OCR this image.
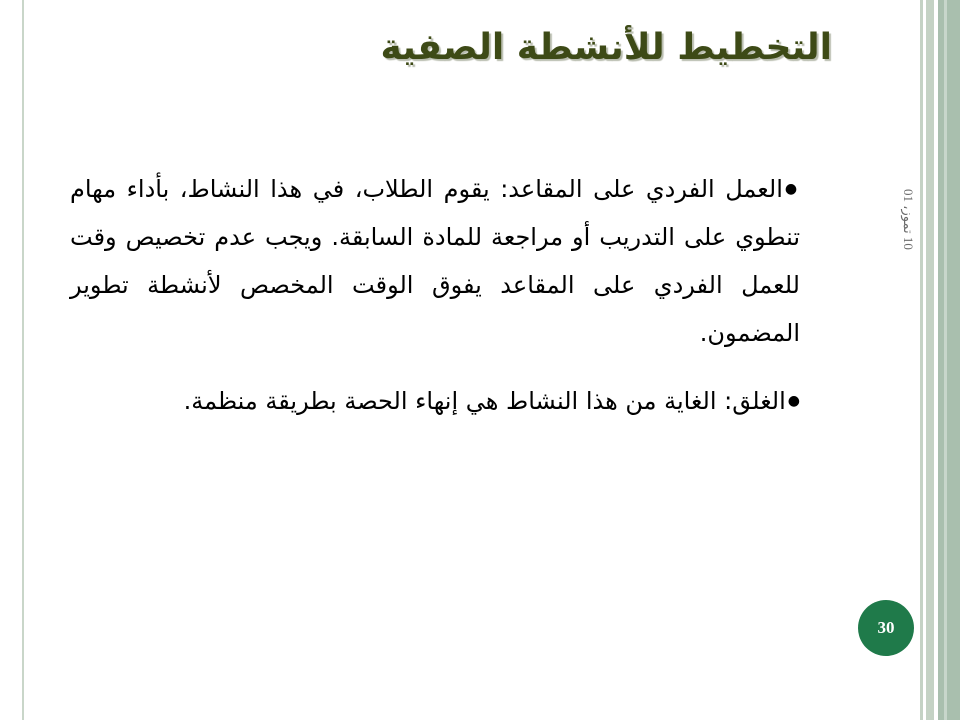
التخطيط للأنشطة الصفية
10 تموز، 01
●العمل الفردي على المقاعد: يقوم الطلاب، في هذا النشاط، بأداء مهام تنطوي على التدريب أو مراجعة للمادة السابقة. ويجب عدم تخصيص وقت للعمل الفردي على المقاعد يفوق الوقت المخصص لأنشطة تطوير المضمون.
●الغلق: الغاية من هذا النشاط هي إنهاء الحصة بطريقة منظمة.
30
